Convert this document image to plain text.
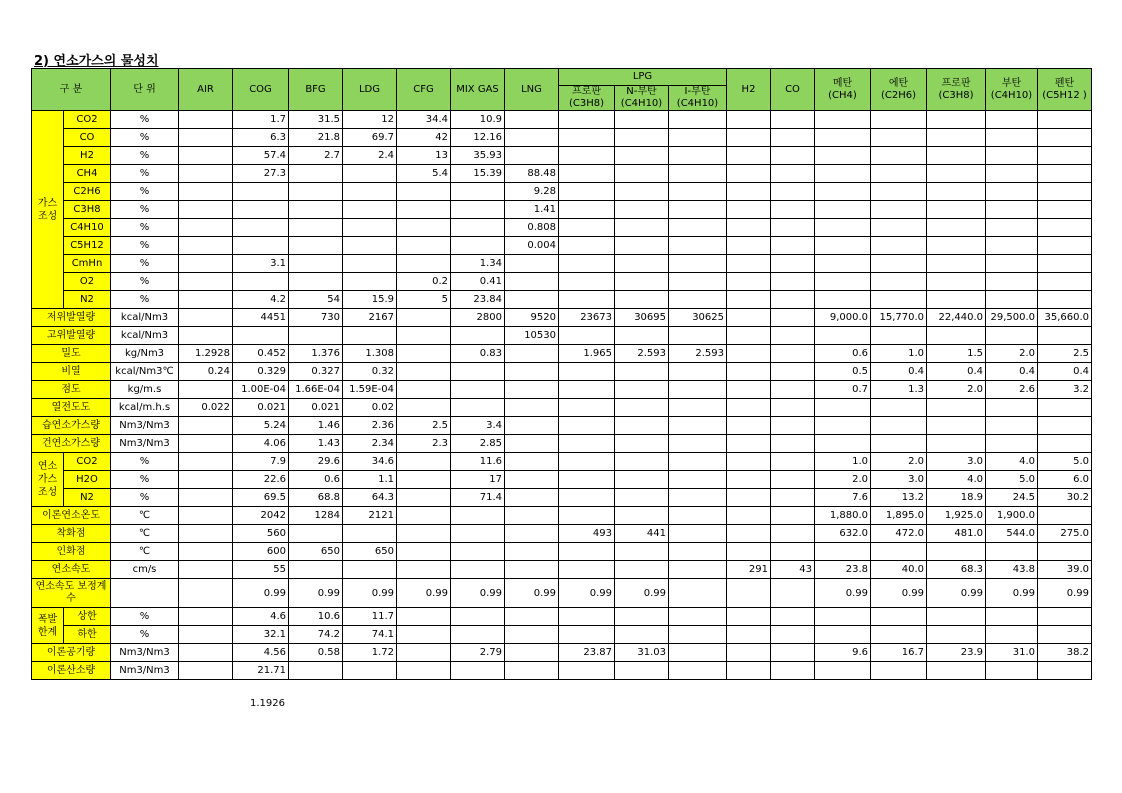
2) 연소가스의 물성치
구 분		단 위	AIR	COG	BFG	LDG	CFG	MIX GAS	LNG	LPG			H2	CO	메탄 (CH4)	에탄 (C2H6)	프로판 (C3H8)	부탄 (C4H10)	펜탄 (C5H12 )
										프로판 (C3H8)	N-부탄 (C4H10)	I-부탄 (C4H10)							
가스 조성	CO2	%		1.7	31.5	12	34.4	10.9											
	CO	%		6.3	21.8	69.7	42	12.16											
	H2	%		57.4	2.7	2.4	13	35.93											
	CH4	%		27.3			5.4	15.39	88.48										
	C2H6	%							9.28										
	C3H8	%							1.41										
	C4H10	%							0.808										
	C5H12	%							0.004										
	CmHn	%		3.1				1.34											
	O2	%					0.2	0.41											
	N2	%		4.2	54	15.9	5	23.84											
저위발열량		kcal/Nm3		4451	730	2167		2800	9520	23673	30695	30625			9,000.0	15,770.0	22,440.0	29,500.0	35,660.0
고위발열량		kcal/Nm3							10530										
밀도		kg/Nm3	1.2928	0.452	1.376	1.308		0.83		1.965	2.593	2.593			0.6	1.0	1.5	2.0	2.5
비열		kcal/Nm3℃	0.24	0.329	0.327	0.32									0.5	0.4	0.4	0.4	0.4
점도		kg/m.s		1.00E-04	1.66E-04	1.59E-04									0.7	1.3	2.0	2.6	3.2
열전도도		kcal/m.h.s	0.022	0.021	0.021	0.02													
습연소가스량		Nm3/Nm3		5.24	1.46	2.36	2.5	3.4											
건연소가스량		Nm3/Nm3		4.06	1.43	2.34	2.3	2.85											
연소 가스 조성	CO2	%		7.9	29.6	34.6		11.6							1.0	2.0	3.0	4.0	5.0
	H2O	%		22.6	0.6	1.1		17							2.0	3.0	4.0	5.0	6.0
	N2	%		69.5	68.8	64.3		71.4							7.6	13.2	18.9	24.5	30.2
이론연소온도		℃		2042	1284	2121									1,880.0	1,895.0	1,925.0	1,900.0	
착화점		℃		560						493	441				632.0	472.0	481.0	544.0	275.0
인화점		℃		600	650	650													
연소속도		cm/s		55									291	43	23.8	40.0	68.3	43.8	39.0
연소속도 보정계수				0.99	0.99	0.99	0.99	0.99	0.99	0.99	0.99				0.99	0.99	0.99	0.99	0.99
폭발 한계	상한	%		4.6	10.6	11.7													
	하한	%		32.1	74.2	74.1													
이론공기량		Nm3/Nm3		4.56	0.58	1.72		2.79		23.87	31.03				9.6	16.7	23.9	31.0	38.2
이론산소량		Nm3/Nm3		21.71															
1.1926
